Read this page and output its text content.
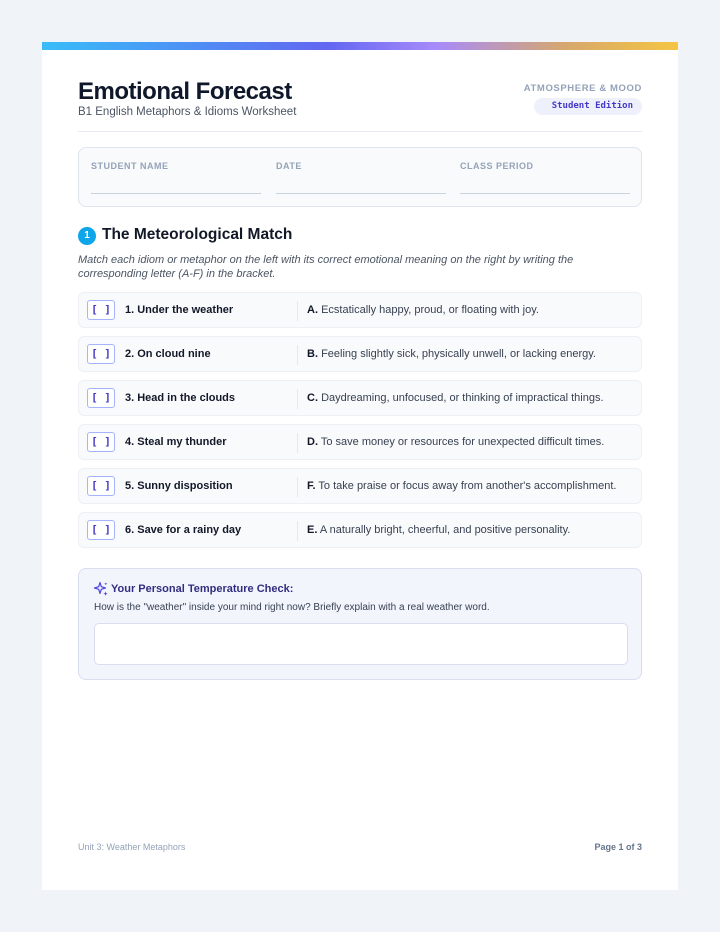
Emotional Forecast
B1 English Metaphors & Idioms Worksheet
ATMOSPHERE & MOOD
Student Edition
STUDENT NAME	DATE	CLASS PERIOD
1 The Meteorological Match
Match each idiom or metaphor on the left with its correct emotional meaning on the right by writing the corresponding letter (A-F) in the bracket.
[ ]	1. Under the weather	A. Ecstatically happy, proud, or floating with joy.
[ ]	2. On cloud nine	B. Feeling slightly sick, physically unwell, or lacking energy.
[ ]	3. Head in the clouds	C. Daydreaming, unfocused, or thinking of impractical things.
[ ]	4. Steal my thunder	D. To save money or resources for unexpected difficult times.
[ ]	5. Sunny disposition	F. To take praise or focus away from another's accomplishment.
[ ]	6. Save for a rainy day	E. A naturally bright, cheerful, and positive personality.
Your Personal Temperature Check:
How is the "weather" inside your mind right now? Briefly explain with a real weather word.
Unit 3: Weather Metaphors	Page 1 of 3
